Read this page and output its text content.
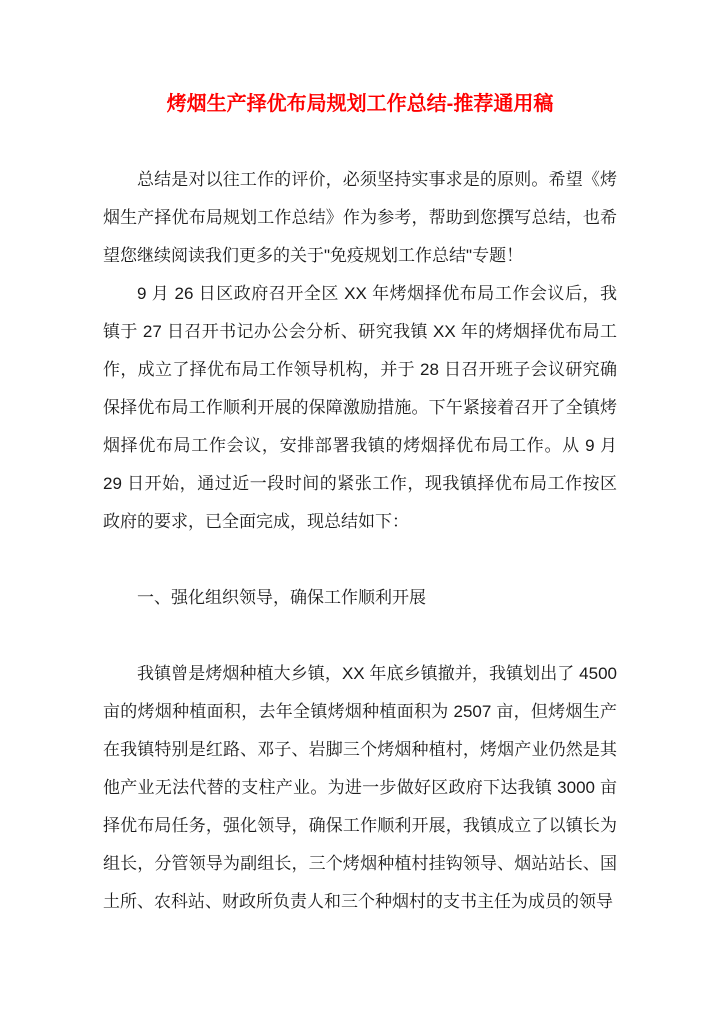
烤烟生产择优布局规划工作总结-推荐通用稿

总结是对以往工作的评价，必须坚持实事求是的原则。希望《烤烟生产择优布局规划工作总结》作为参考，帮助到您撰写总结，也希望您继续阅读我们更多的关于"免疫规划工作总结"专题！

9 月 26 日区政府召开全区 XX 年烤烟择优布局工作会议后，我镇于 27 日召开书记办公会分析、研究我镇 XX 年的烤烟择优布局工作，成立了择优布局工作领导机构，并于 28 日召开班子会议研究确保择优布局工作顺利开展的保障激励措施。下午紧接着召开了全镇烤烟择优布局工作会议，安排部署我镇的烤烟择优布局工作。从 9 月 29 日开始，通过近一段时间的紧张工作，现我镇择优布局工作按区政府的要求，已全面完成，现总结如下：

一、强化组织领导，确保工作顺利开展

我镇曾是烤烟种植大乡镇，XX 年底乡镇撤并，我镇划出了 4500 亩的烤烟种植面积，去年全镇烤烟种植面积为 2507 亩，但烤烟生产在我镇特别是红路、邓子、岩脚三个烤烟种植村，烤烟产业仍然是其他产业无法代替的支柱产业。为进一步做好区政府下达我镇 3000 亩择优布局任务，强化领导，确保工作顺利开展，我镇成立了以镇长为组长，分管领导为副组长，三个烤烟种植村挂钩领导、烟站站长、国土所、农科站、财政所负责人和三个种烟村的支书主任为成员的领导
